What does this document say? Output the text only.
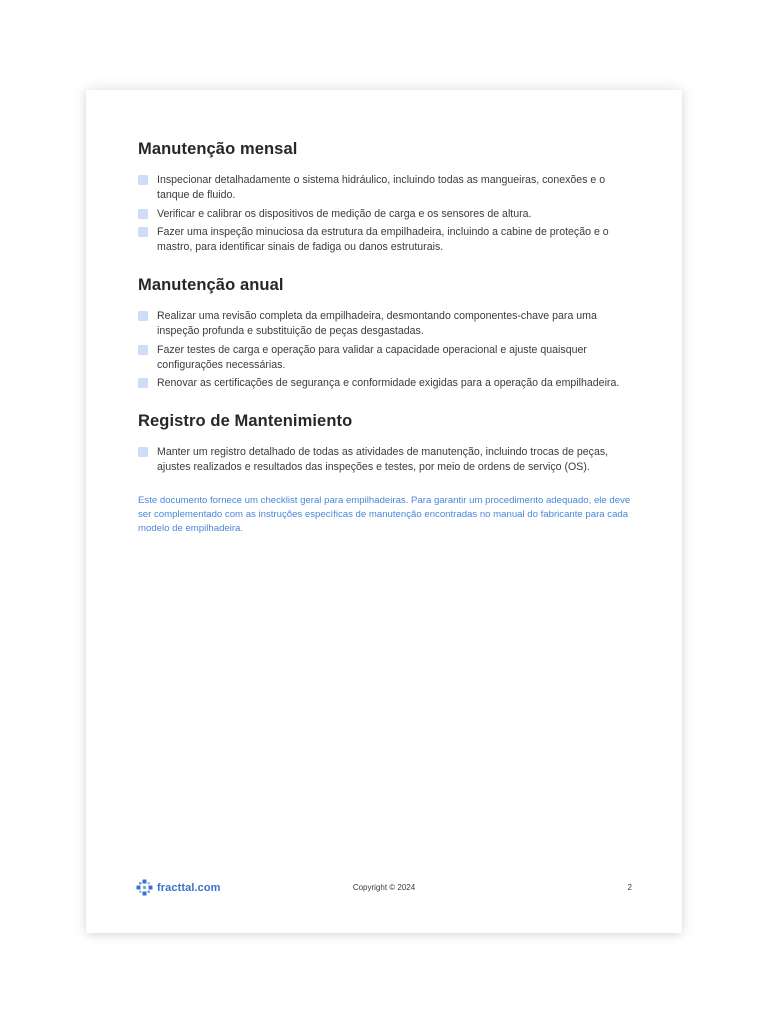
Manutenção mensal
Inspecionar detalhadamente o sistema hidráulico, incluindo todas as mangueiras, conexões e o tanque de fluido.
Verificar e calibrar os dispositivos de medição de carga e os sensores de altura.
Fazer uma inspeção minuciosa da estrutura da empilhadeira, incluindo a cabine de proteção e o mastro, para identificar sinais de fadiga ou danos estruturais.
Manutenção anual
Realizar uma revisão completa da empilhadeira, desmontando componentes-chave para uma inspeção profunda e substituição de peças desgastadas.
Fazer testes de carga e operação para validar a capacidade operacional e ajuste quaisquer configurações necessárias.
Renovar as certificações de segurança e conformidade exigidas para a operação da empilhadeira.
Registro de Mantenimiento
Manter um registro detalhado de todas as atividades de manutenção, incluindo trocas de peças, ajustes realizados e resultados das inspeções e testes, por meio de ordens de serviço (OS).

Este documento fornece um checklist geral para empilhadeiras. Para garantir um procedimento adequado, ele deve ser complementado com as instruções específicas de manutenção encontradas no manual do fabricante para cada modelo de empilhadeira.

fracttal.com	Copyright © 2024	2
